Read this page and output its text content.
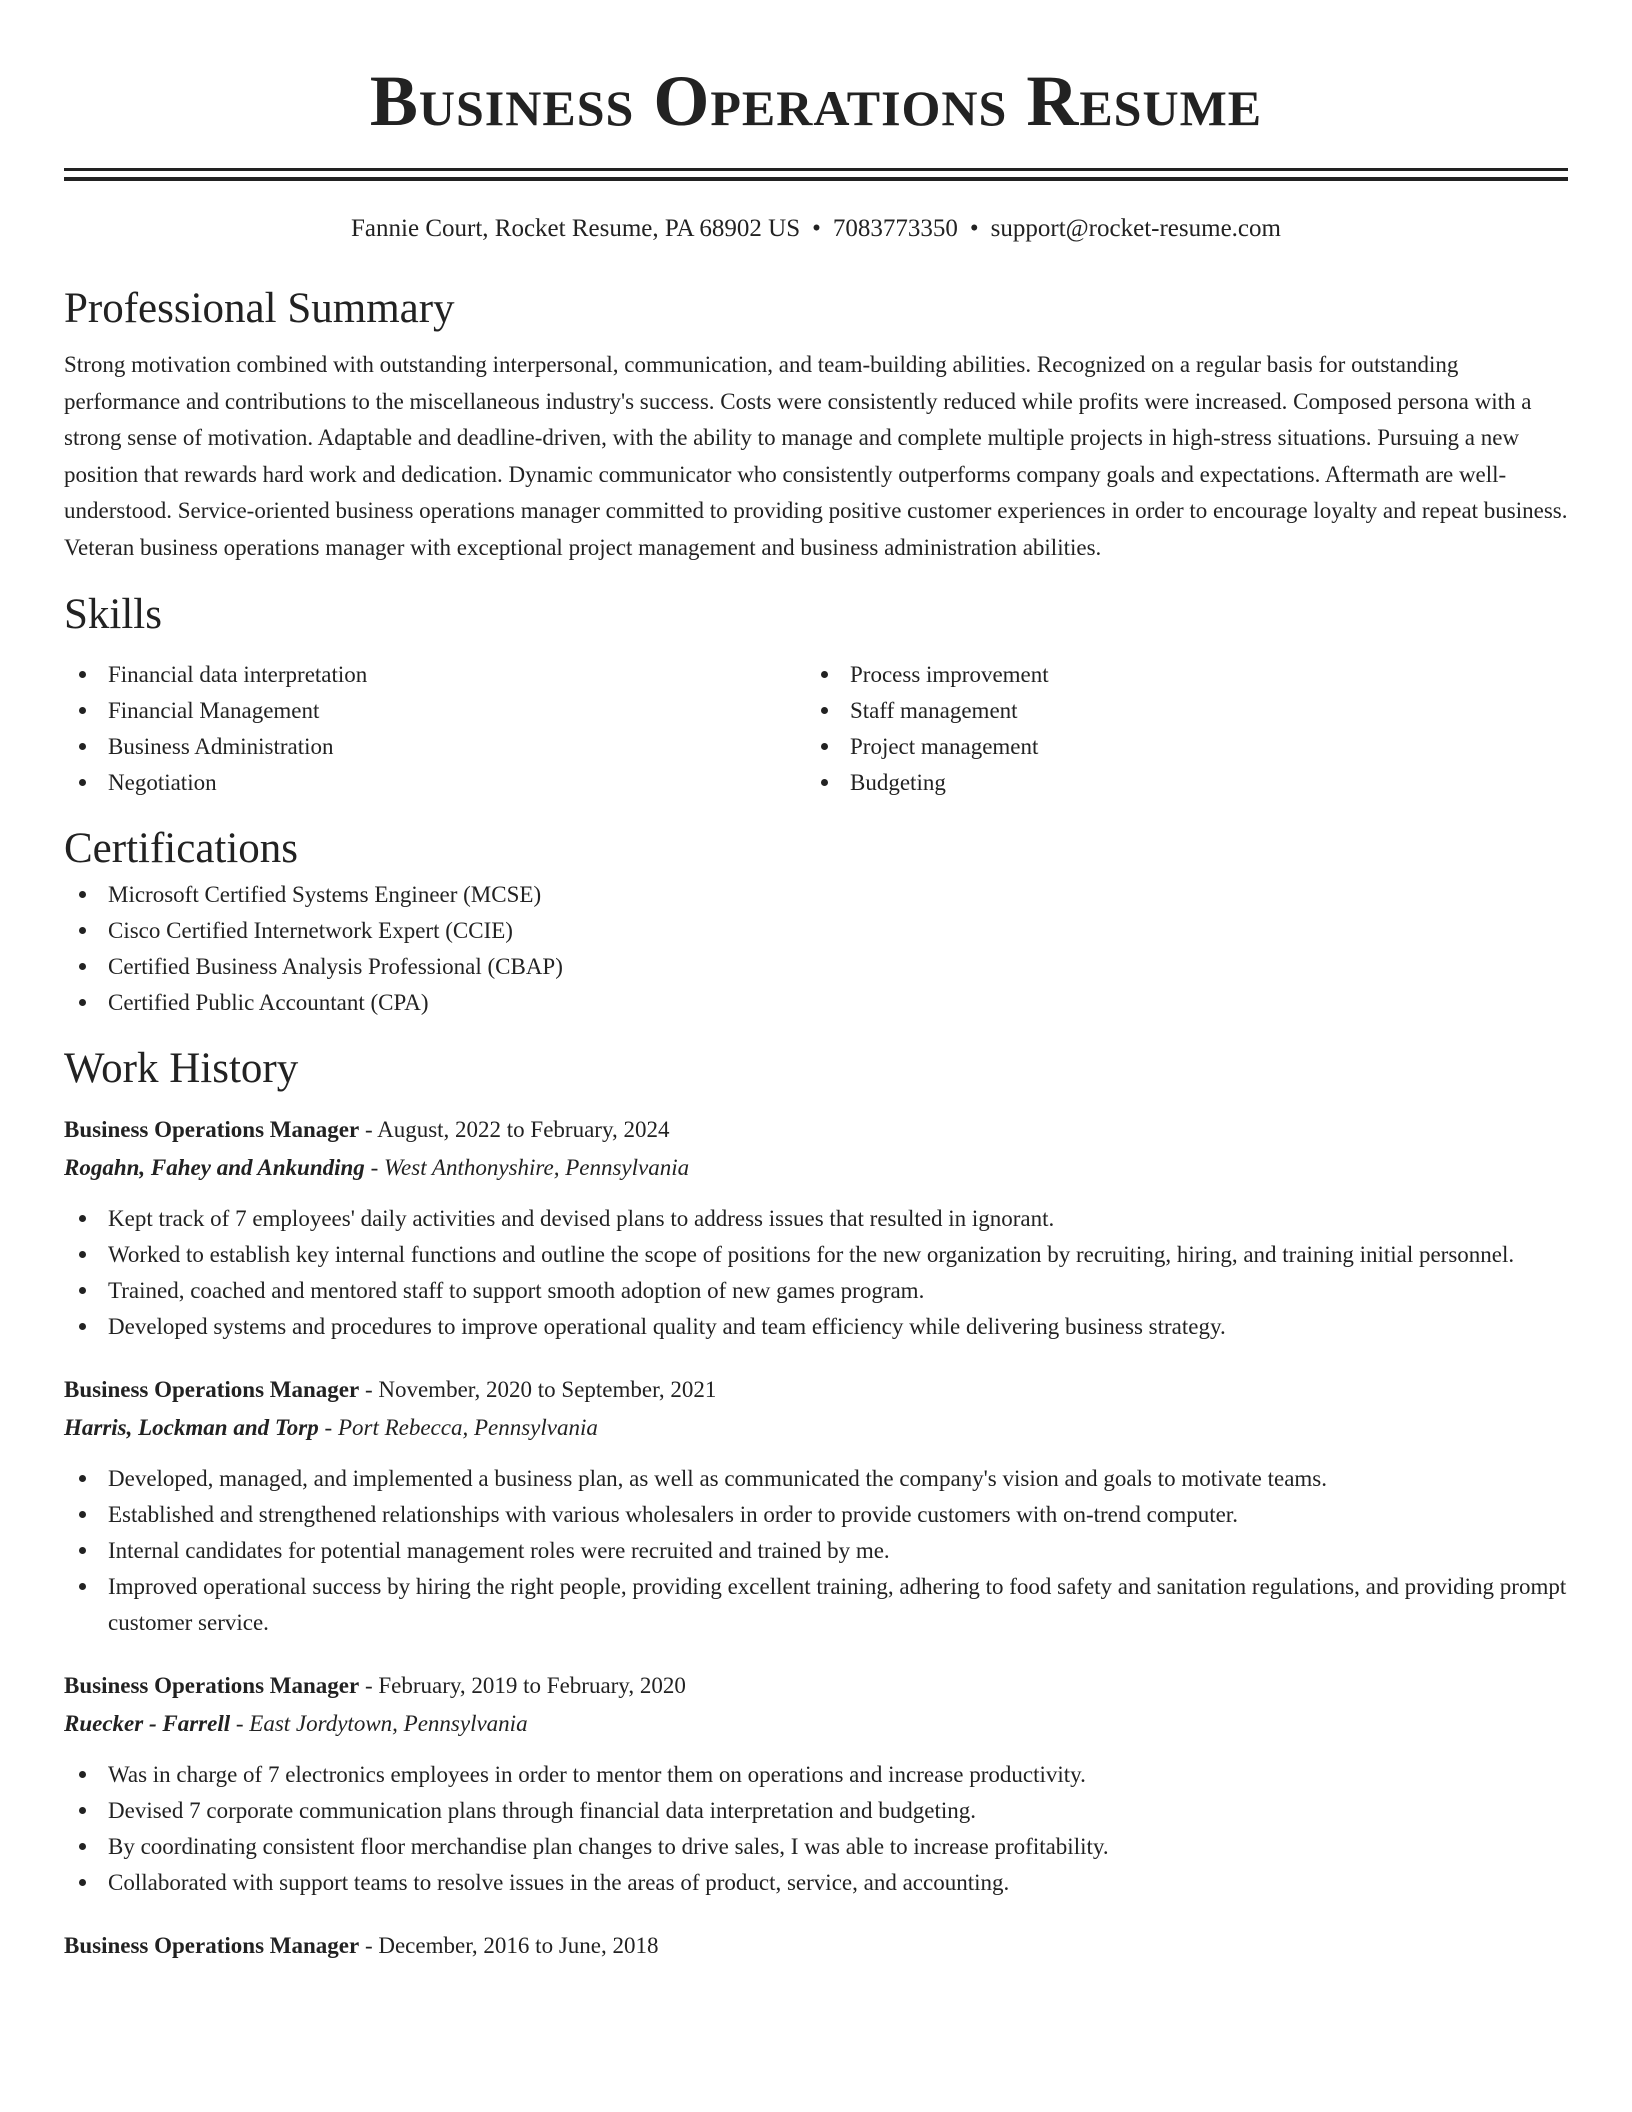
Business Operations Resume
Fannie Court, Rocket Resume, PA 68902 US • 7083773350 • support@rocket-resume.com
Professional Summary

Strong motivation combined with outstanding interpersonal, communication, and team-building abilities. Recognized on a regular basis for outstanding performance and contributions to the miscellaneous industry's success. Costs were consistently reduced while profits were increased. Composed persona with a strong sense of motivation. Adaptable and deadline-driven, with the ability to manage and complete multiple projects in high-stress situations. Pursuing a new position that rewards hard work and dedication. Dynamic communicator who consistently outperforms company goals and expectations. Aftermath are well-understood. Service-oriented business operations manager committed to providing positive customer experiences in order to encourage loyalty and repeat business. Veteran business operations manager with exceptional project management and business administration abilities.

Skills
Financial data interpretation
Financial Management
Business Administration
Negotiation
Process improvement
Staff management
Project management
Budgeting
Certifications
Microsoft Certified Systems Engineer (MCSE)
Cisco Certified Internetwork Expert (CCIE)
Certified Business Analysis Professional (CBAP)
Certified Public Accountant (CPA)
Work History
Business Operations Manager - August, 2022 to February, 2024
Rogahn, Fahey and Ankunding - West Anthonyshire, Pennsylvania
Kept track of 7 employees' daily activities and devised plans to address issues that resulted in ignorant.
Worked to establish key internal functions and outline the scope of positions for the new organization by recruiting, hiring, and training initial personnel.
Trained, coached and mentored staff to support smooth adoption of new games program.
Developed systems and procedures to improve operational quality and team efficiency while delivering business strategy.
Business Operations Manager - November, 2020 to September, 2021
Harris, Lockman and Torp - Port Rebecca, Pennsylvania
Developed, managed, and implemented a business plan, as well as communicated the company's vision and goals to motivate teams.
Established and strengthened relationships with various wholesalers in order to provide customers with on-trend computer.
Internal candidates for potential management roles were recruited and trained by me.
Improved operational success by hiring the right people, providing excellent training, adhering to food safety and sanitation regulations, and providing prompt customer service.
Business Operations Manager - February, 2019 to February, 2020
Ruecker - Farrell - East Jordytown, Pennsylvania
Was in charge of 7 electronics employees in order to mentor them on operations and increase productivity.
Devised 7 corporate communication plans through financial data interpretation and budgeting.
By coordinating consistent floor merchandise plan changes to drive sales, I was able to increase profitability.
Collaborated with support teams to resolve issues in the areas of product, service, and accounting.
Business Operations Manager - December, 2016 to June, 2018
